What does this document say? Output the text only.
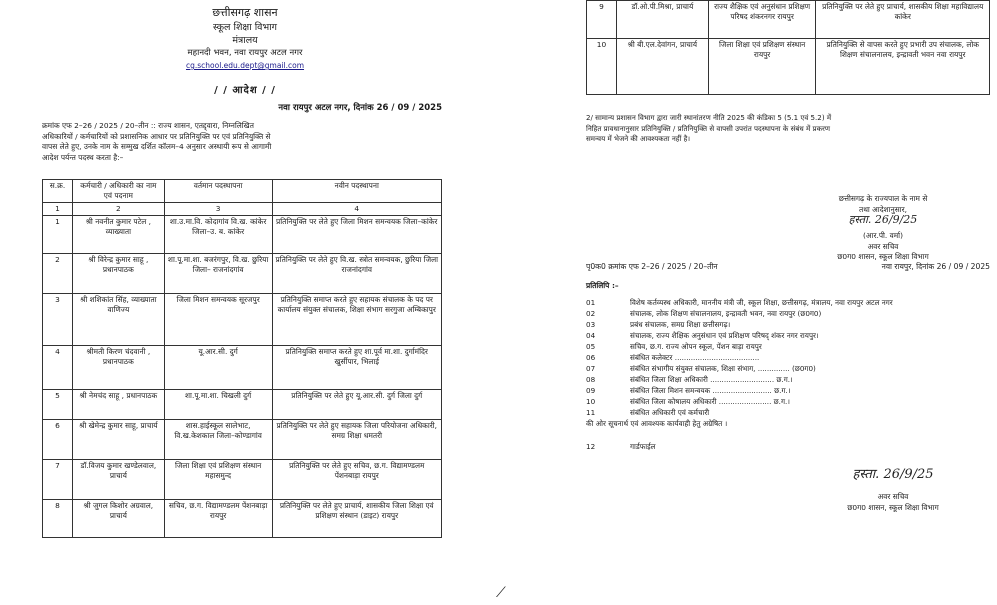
छत्तीसगढ़ शासन
स्कूल शिक्षा विभाग
मंत्रालय
महानदी भवन, नवा रायपुर अटल नगर
cg.school.edu.dept@gmail.com
/ / आदेश / /
नवा रायपुर अटल नगर, दिनांक 26 / 09 / 2025
क्रमांक एफ 2–26 / 2025 / 20–तीन :: राज्य शासन, एतद्द्वारा, निम्नलिखित
अधिकारियों / कर्मचारियों को प्रशासनिक आधार पर प्रतिनियुक्ति पर एवं प्रतिनियुक्ति से
वापस लेते हुए, उनके नाम के सम्मुख दर्शित कॉलम–4 अनुसार अस्थायी रूप से आगामी
आदेश पर्यन्त पदस्थ करता है:–
स.क्र.	कर्मचारी / अधिकारी का नाम एवं पदनाम	वर्तमान पदस्थापना	नवीन पदस्थापना
1	2	3	4
1	श्री नवनीत कुमार पटेल , व्याख्याता	शा.उ.मा.वि. कोदागांव वि.ख. कांकेर जिला–उ. ब. कांकेर	प्रतिनियुक्ति पर लेते हुए जिला मिशन समन्वयक जिला–कांकेर
2	श्री विरेन्द्र कुमार साहू , प्रधानपाठक	शा.पू.मा.शा. बजरंगपुर, वि.ख. छुरिया जिला– राजनांदगांव	प्रतिनियुक्ति पर लेते हुए वि.ख. स्त्रोत समन्वयक, छुरिया जिला राजनांदगांव
3	श्री शशिकांत सिंह, व्याख्याता वाणिज्य	जिला मिशन समन्वयक सूरजपुर	प्रतिनियुक्ति समाप्त करते हुए सहायक संचालक के पद पर कार्यालय संयुक्त संचालक, शिक्षा संभाग सरगुजा अम्बिकापुर
4	श्रीमती किरण चंदवानी , प्रधानपाठक	यू.आर.सी. दुर्ग	प्रतिनियुक्ति समाप्त करते हुए शा.पूर्व मा.शा. दुर्गामंदिर खुर्सीपार, भिलाई
5	श्री नेमचंद साहू , प्रधानपाठक	शा.पू.मा.शा. चिखली दुर्ग	प्रतिनियुक्ति पर लेते हुए यू.आर.सी. दुर्ग जिला दुर्ग
6	श्री खेमेन्द्र कुमार साहू, प्राचार्य	शास.हाईस्कूल सालेभाट, वि.ख.केशकाल जिला–कोण्डागांव	प्रतिनियुक्ति पर लेते हुए सहायक जिला परियोजना अधिकारी, समग्र शिक्षा धमतरी
7	डॉ.विजय कुमार खण्डेलवाल, प्राचार्य	जिला शिक्षा एवं प्रशिक्षण संस्थान महासमुन्द	प्रतिनियुक्ति पर लेते हुए सचिव, छ.ग. विद्यामण्डलम पेंशनबाड़ा रायपुर
8	श्री जुगल किशोर अग्रवाल, प्राचार्य	सचिव, छ.ग. विद्यामण्डलम पेंशनबाड़ा रायपुर	प्रतिनियुक्ति पर लेते हुए प्राचार्य, शासकीय जिला शिक्षा एवं प्रशिक्षण संस्थान (डाइट) रायपुर
⟋
9	डॉ.ओ.पी.मिश्रा, प्राचार्य	राज्य शैक्षिक एवं अनुसंधान प्रशिक्षण परिषद शंकरनगर रायपुर	प्रतिनियुक्ति पर लेते हुए प्राचार्य, शासकीय शिक्षा महाविद्यालय कांकेर
10	श्री बी.एल.देवांगन, प्राचार्य	जिला शिक्षा एवं प्रशिक्षण संस्थान रायपुर	प्रतिनियुक्ति से वापस करते हुए प्रभारी उप संचालक, लोक शिक्षण संचालनालय, इन्द्रावती भवन नवा रायपुर
2/ सामान्य प्रशासन विभाग द्वारा जारी स्थानांतरण नीति 2025 की कंडिका 5 (5.1 एवं 5.2) में
निहित प्रावधानानुसार प्रतिनियुक्ति / प्रतिनियुक्ति से वापसी उपरांत पदस्थापना के संबंध में प्रकरण
समन्वय में भेजने की आवश्यकता नहीं है।
छत्तीसगढ़ के राज्यपाल के नाम से
तथा आदेशानुसार,
हस्ता. 26/9/25
(आर.पी. वर्मा)
अवर सचिव
छ0ग0 शासन, स्कूल शिक्षा विभाग
पृ0क0 क्रमांक एफ 2–26 / 2025 / 20–तीन	नवा रायपुर, दिनांक 26 / 09 / 2025
प्रतिलिपि :–
01	विशेष कर्तव्यस्थ अधिकारी, माननीय मंत्री जी, स्कूल शिक्षा, छत्तीसगढ़, मंत्रालय, नवा रायपुर अटल नगर
02	संचालक, लोक शिक्षण संचालनालय, इन्द्रावती भवन, नवा रायपुर (छ0ग0)
03	प्रबंध संचालक, समग्र शिक्षा छत्तीसगढ़।
04	संचालक, राज्य शैक्षिक अनुसंधान एवं प्रशिक्षण परिषद् शंकर नगर रायपुर।
05	सचिव, छ.ग. राज्य ओपन स्कूल, पेंशन बाड़ा रायपुर
06	संबंधित कलेक्टर .....................................
07	संबंधित संभागीय संयुक्त संचालक, शिक्षा संभाग, .............. (छ0ग0)
08	संबंधित जिला शिक्षा अधिकारी ............................ छ.ग.।
09	संबंधित जिला मिशन समन्वयक .......................... छ.ग.।
10	संबंधित जिला कोषालय अधिकारी ....................... छ.ग.।
11	संबंधित अधिकारी एवं कर्मचारी
की ओर सूचनार्थ एवं आवश्यक कार्यवाही हेतु अग्रेषित ।
12	गार्डफाईल
हस्ता. 26/9/25
अवर सचिव
छ0ग0 शासन, स्कूल शिक्षा विभाग
